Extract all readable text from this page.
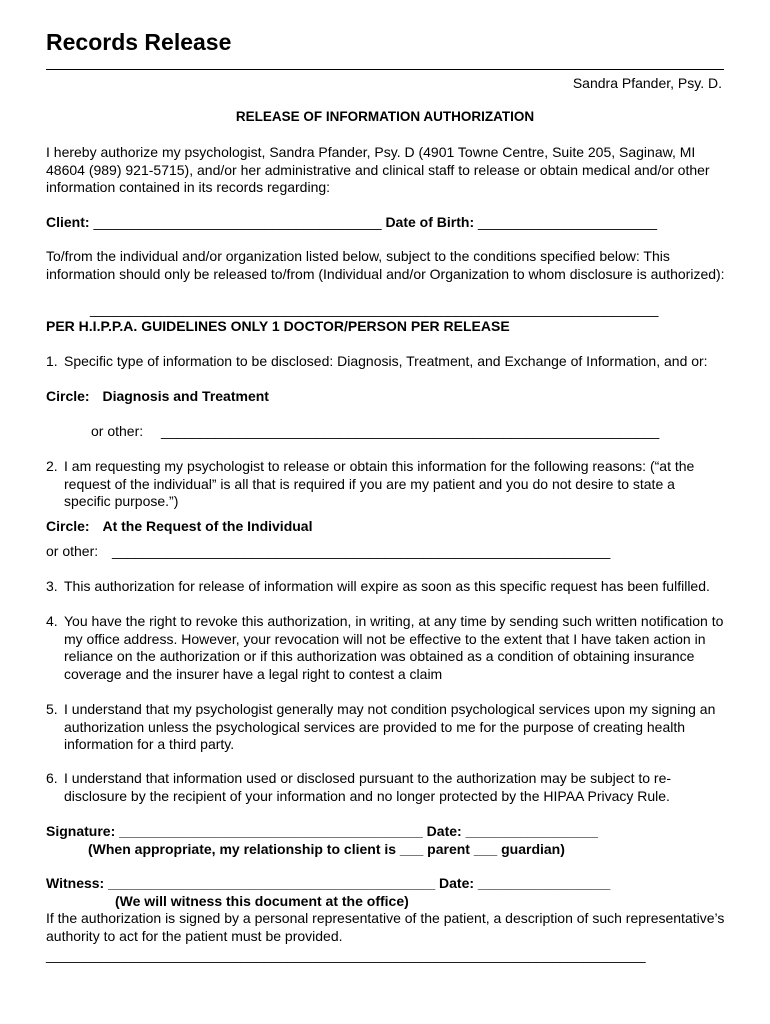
Records Release
Sandra Pfander, Psy. D.
RELEASE OF INFORMATION AUTHORIZATION
I hereby authorize my psychologist, Sandra Pfander, Psy. D (4901 Towne Centre, Suite 205, Saginaw, MI
48604 (989) 921-5715), and/or her administrative and clinical staff to release or obtain medical and/or other
information contained in its records regarding:
Client: _____________________________________ Date of Birth: _______________________
To/from the individual and/or organization listed below, subject to the conditions specified below: This
information should only be released to/from (Individual and/or Organization to whom disclosure is authorized):
_________________________________________________________________________
PER H.I.P.P.A. GUIDELINES ONLY 1 DOCTOR/PERSON PER RELEASE
1. Specific type of information to be disclosed: Diagnosis, Treatment, and Exchange of Information, and or:
Circle: Diagnosis and Treatment
or other: ________________________________________________________________
2. I am requesting my psychologist to release or obtain this information for the following reasons: (“at the
request of the individual” is all that is required if you are my patient and you do not desire to state a
specific purpose.”)
Circle: At the Request of the Individual
or other: ________________________________________________________________
3. This authorization for release of information will expire as soon as this specific request has been fulfilled.
4. You have the right to revoke this authorization, in writing, at any time by sending such written notification to
my office address. However, your revocation will not be effective to the extent that I have taken action in
reliance on the authorization or if this authorization was obtained as a condition of obtaining insurance
coverage and the insurer have a legal right to contest a claim
5. I understand that my psychologist generally may not condition psychological services upon my signing an
authorization unless the psychological services are provided to me for the purpose of creating health
information for a third party.
6. I understand that information used or disclosed pursuant to the authorization may be subject to re-
disclosure by the recipient of your information and no longer protected by the HIPAA Privacy Rule.
Signature: _______________________________________ Date: _________________
(When appropriate, my relationship to client is ___ parent ___ guardian)
Witness: __________________________________________ Date: _________________
(We will witness this document at the office)
If the authorization is signed by a personal representative of the patient, a description of such representative’s
authority to act for the patient must be provided.
_____________________________________________________________________________
